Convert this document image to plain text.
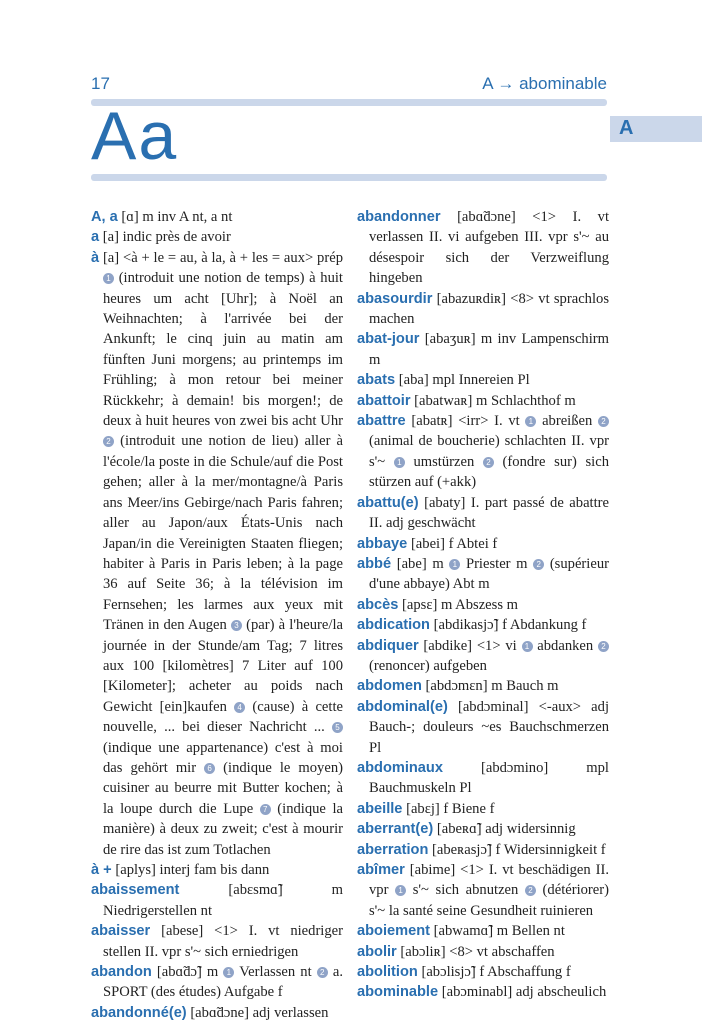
17	A → abominable
A
Aa

A, a [ɑ] m inv A nt, a nt

a [a] indic près de avoir

à [a] <à + le = au, à la, à + les = aux> prép 1 (introduit une notion de temps) à huit heures um acht [Uhr]; à Noël an Weihnachten; à l'arrivée bei der Ankunft; le cinq juin au matin am fünften Juni morgens; au printemps im Frühling; à mon retour bei meiner Rückkehr; à demain! bis morgen!; de deux à huit heures von zwei bis acht Uhr 2 (introduit une notion de lieu) aller à l'école/la poste in die Schule/auf die Post gehen; aller à la mer/montagne/à Paris ans Meer/ins Gebirge/nach Paris fahren; aller au Japon/aux États-Unis nach Japan/in die Vereinigten Staaten fliegen; habiter à Paris in Paris leben; à la page 36 auf Seite 36; à la télévision im Fernsehen; les larmes aux yeux mit Tränen in den Augen 3 (par) à l'heure/la journée in der Stunde/am Tag; 7 litres aux 100 [kilomètres] 7 Liter auf 100 [Kilometer]; acheter au poids nach Gewicht [ein]kaufen 4 (cause) à cette nouvelle, ... bei dieser Nachricht ... 5 (indique une appartenance) c'est à moi das gehört mir 6 (indique le moyen) cuisiner au beurre mit Butter kochen; à la loupe durch die Lupe 7 (indique la manière) à deux zu zweit; c'est à mourir de rire das ist zum Totlachen

à + [aplys] interj fam bis dann

abaissement [abɛsmɑ̃] m Niedrigerstellen nt

abaisser [abese] <1> I. vt niedriger stellen II. vpr s'~ sich erniedrigen

abandon [abɑ̃dɔ̃] m 1 Verlassen nt 2 a. SPORT (des études) Aufgabe f

abandonné(e) [abɑ̃dɔne] adj verlassen

abandonner [abɑ̃dɔne] <1> I. vt verlassen II. vi aufgeben III. vpr s'~ au désespoir sich der Verzweiflung hingeben

abasourdir [abazuʀdiʀ] <8> vt sprachlos machen

abat-jour [abaʒuʀ] m inv Lampenschirm m

abats [aba] mpl Innereien Pl

abattoir [abatwaʀ] m Schlachthof m

abattre [abatʀ] <irr> I. vt 1 abreißen 2 (animal de boucherie) schlachten II. vpr s'~ 1 umstürzen 2 (fondre sur) sich stürzen auf (+akk)

abattu(e) [abaty] I. part passé de abattre II. adj geschwächt

abbaye [abei] f Abtei f

abbé [abe] m 1 Priester m 2 (supérieur d'une abbaye) Abt m

abcès [apsɛ] m Abszess m

abdication [abdikasjɔ̃] f Abdankung f

abdiquer [abdike] <1> vi 1 abdanken 2 (renoncer) aufgeben

abdomen [abdɔmɛn] m Bauch m

abdominal(e) [abdɔminal] <-aux> adj Bauch-; douleurs ~es Bauchschmerzen Pl

abdominaux [abdɔmino] mpl Bauchmuskeln Pl

abeille [abɛj] f Biene f

aberrant(e) [abeʀɑ̃] adj widersinnig

aberration [abeʀasjɔ̃] f Widersinnigkeit f

abîmer [abime] <1> I. vt beschädigen II. vpr 1 s'~ sich abnutzen 2 (détériorer) s'~ la santé seine Gesundheit ruinieren

aboiement [abwamɑ̃] m Bellen nt

abolir [abɔliʀ] <8> vt abschaffen

abolition [abɔlisjɔ̃] f Abschaffung f

abominable [abɔminabl] adj abscheulich
